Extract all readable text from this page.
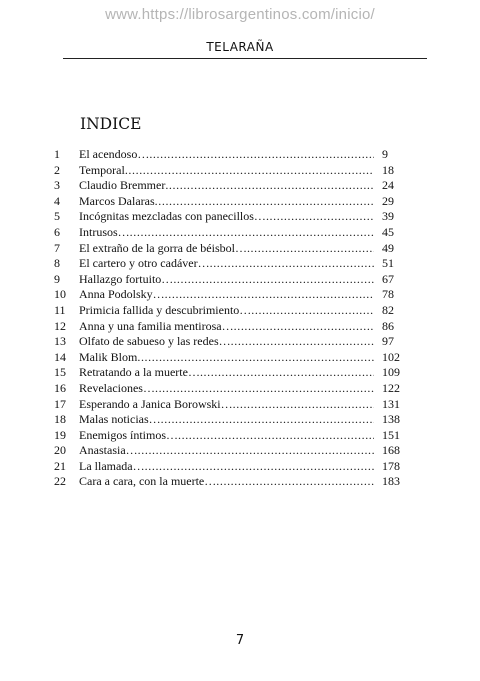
www.https://librosargentinos.com/inicio/
TELARAÑA
INDICE
1	El acendoso… .....	9
2	Temporal .....	18
3	Claudio Bremmer .....	24
4	Marcos Dalaras .....	29
5	Incógnitas mezcladas con panecillos… .....	39
6	Intrusos… .....	45
7	El extraño de la gorra de béisbol… .....	49
8	El cartero y otro cadáver… .....	51
9	Hallazgo fortuito… .....	67
10	Anna Podolsky… .....	78
11	Primicia fallida y descubrimiento… .....	82
12	Anna y una familia mentirosa… .....	86
13	Olfato de sabueso y las redes… .....	97
14	Malik Blom .....	102
15	Retratando a la muerte… .....	109
16	Revelaciones… .....	122
17	Esperando a Janica Borowski… .....	131
18	Malas noticias… .....	138
19	Enemigos íntimos… .....	151
20	Anastasia… .....	168
21	La llamada… .....	178
22	Cara a cara, con la muerte… .....	183
7
